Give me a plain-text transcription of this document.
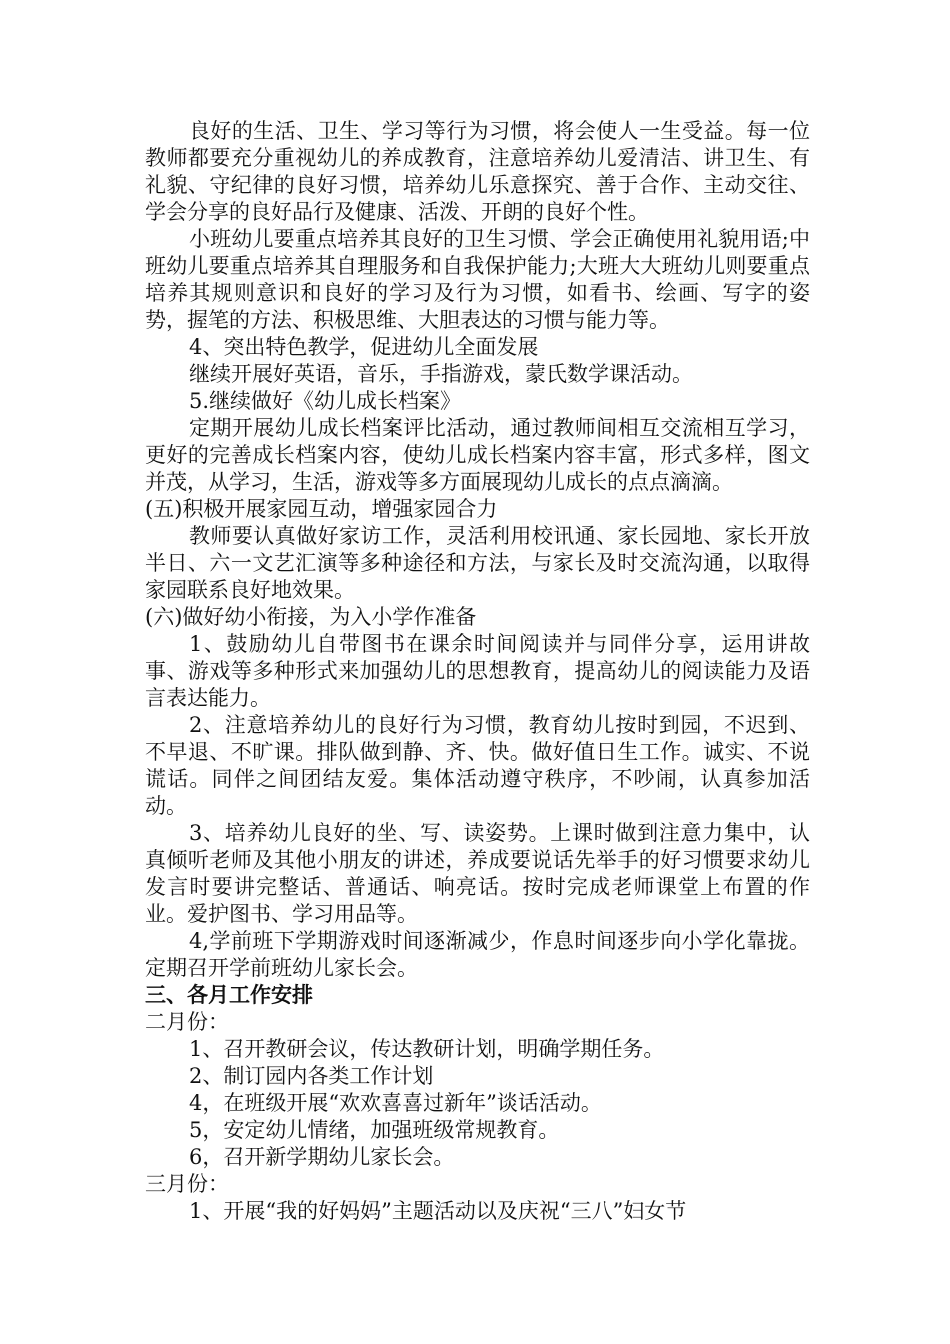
良好的生活、卫生、学习等行为习惯，将会使人一生受益。每一位教师都要充分重视幼儿的养成教育，注意培养幼儿爱清洁、讲卫生、有礼貌、守纪律的良好习惯，培养幼儿乐意探究、善于合作、主动交往、学会分享的良好品行及健康、活泼、开朗的良好个性。

小班幼儿要重点培养其良好的卫生习惯、学会正确使用礼貌用语;中班幼儿要重点培养其自理服务和自我保护能力;大班大大班幼儿则要重点培养其规则意识和良好的学习及行为习惯，如看书、绘画、写字的姿势，握笔的方法、积极思维、大胆表达的习惯与能力等。

4、突出特色教学，促进幼儿全面发展

继续开展好英语，音乐，手指游戏，蒙氏数学课活动。

5.继续做好《幼儿成长档案》

定期开展幼儿成长档案评比活动，通过教师间相互交流相互学习，更好的完善成长档案内容，使幼儿成长档案内容丰富，形式多样，图文并茂，从学习，生活，游戏等多方面展现幼儿成长的点点滴滴。

(五)积极开展家园互动，增强家园合力

教师要认真做好家访工作，灵活利用校讯通、家长园地、家长开放半日、六一文艺汇演等多种途径和方法，与家长及时交流沟通，以取得家园联系良好地效果。

(六)做好幼小衔接，为入小学作准备

1、鼓励幼儿自带图书在课余时间阅读并与同伴分享，运用讲故事、游戏等多种形式来加强幼儿的思想教育，提高幼儿的阅读能力及语言表达能力。

2、注意培养幼儿的良好行为习惯，教育幼儿按时到园，不迟到、不早退、不旷课。排队做到静、齐、快。做好值日生工作。诚实、不说谎话。同伴之间团结友爱。集体活动遵守秩序，不吵闹，认真参加活动。

3、培养幼儿良好的坐、写、读姿势。上课时做到注意力集中，认真倾听老师及其他小朋友的讲述，养成要说话先举手的好习惯要求幼儿发言时要讲完整话、普通话、响亮话。按时完成老师课堂上布置的作业。爱护图书、学习用品等。

4,学前班下学期游戏时间逐渐减少，作息时间逐步向小学化靠拢。定期召开学前班幼儿家长会。

三、各月工作安排

二月份：

1、召开教研会议，传达教研计划，明确学期任务。

2、制订园内各类工作计划

4，在班级开展“欢欢喜喜过新年”谈话活动。

5，安定幼儿情绪，加强班级常规教育。

6，召开新学期幼儿家长会。

三月份：

1、开展“我的好妈妈”主题活动以及庆祝“三八”妇女节
